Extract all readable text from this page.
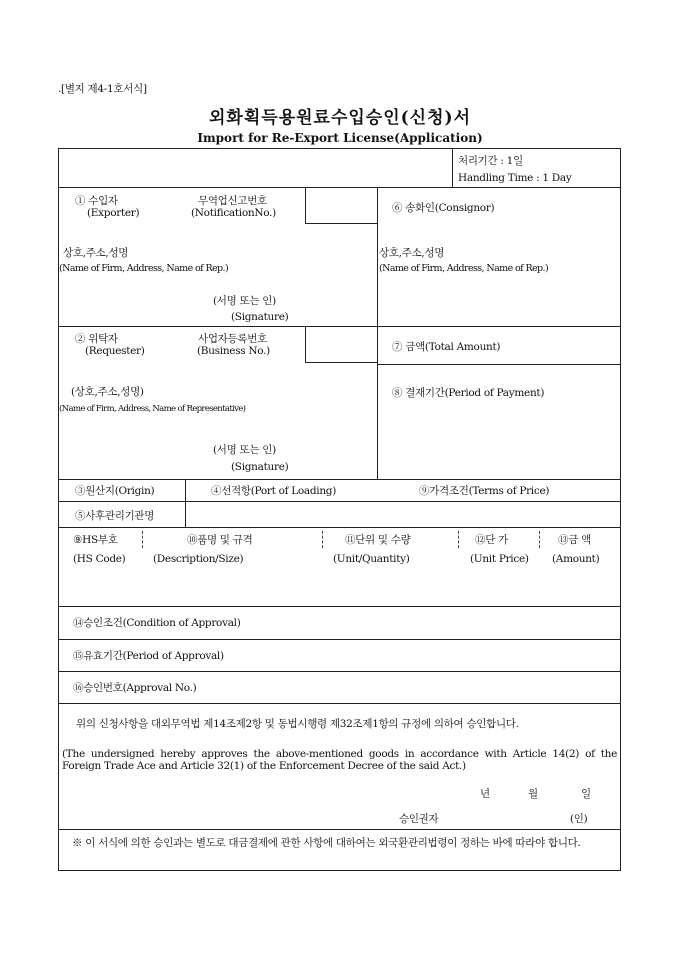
.[별지 제4-1호서식]
외화획득용원료수입승인(신청)서
Import for Re-Export License(Application)
처리기간 : 1일
Handling Time : 1 Day
① 수입자
(Exporter)
무역업신고번호
(NotificationNo.)
상호,주소,성명
(Name of Firm, Address, Name of Rep.)
(서명 또는 인)
(Signature)
⑥ 송화인(Consignor)
상호,주소,성명
(Name of Firm, Address, Name of Rep.)
② 위탁자
(Requester)
사업자등록번호
(Business No.)
(상호,주소,성명)
(Name of Firm, Address, Name of Representative)
(서명 또는 인)
(Signature)
⑦ 금액(Total Amount)
⑧ 결재기간(Period of Payment)
③원산지(Origin)	④선적항(Port of Loading)	⑨가격조건(Terms of Price)
⑤사후관리기관명
⑨HS부호
(HS Code)
⑩품명 및 규격
(Description/Size)
⑪단위 및 수량
(Unit/Quantity)
⑫단 가
(Unit Price)
⑬금 액
(Amount)
⑭승인조건(Condition of Approval)
⑮유효기간(Period of Approval)
⑯승인번호(Approval No.)
위의 신청사항을 대외무역법 제14조제2항 및 동법시행령 제32조제1항의 규정에 의하여 승인합니다.
(The undersigned hereby approves the above-mentioned goods in accordance with Article 14(2) of the Foreign Trade Ace and Article 32(1) of the Enforcement Decree of the said Act.)
년	월	일
승인권자	(인)
※ 이 서식에 의한 승인과는 별도로 대금결제에 관한 사항에 대하여는 외국환관리법령이 정하는 바에 따라야 합니다.
